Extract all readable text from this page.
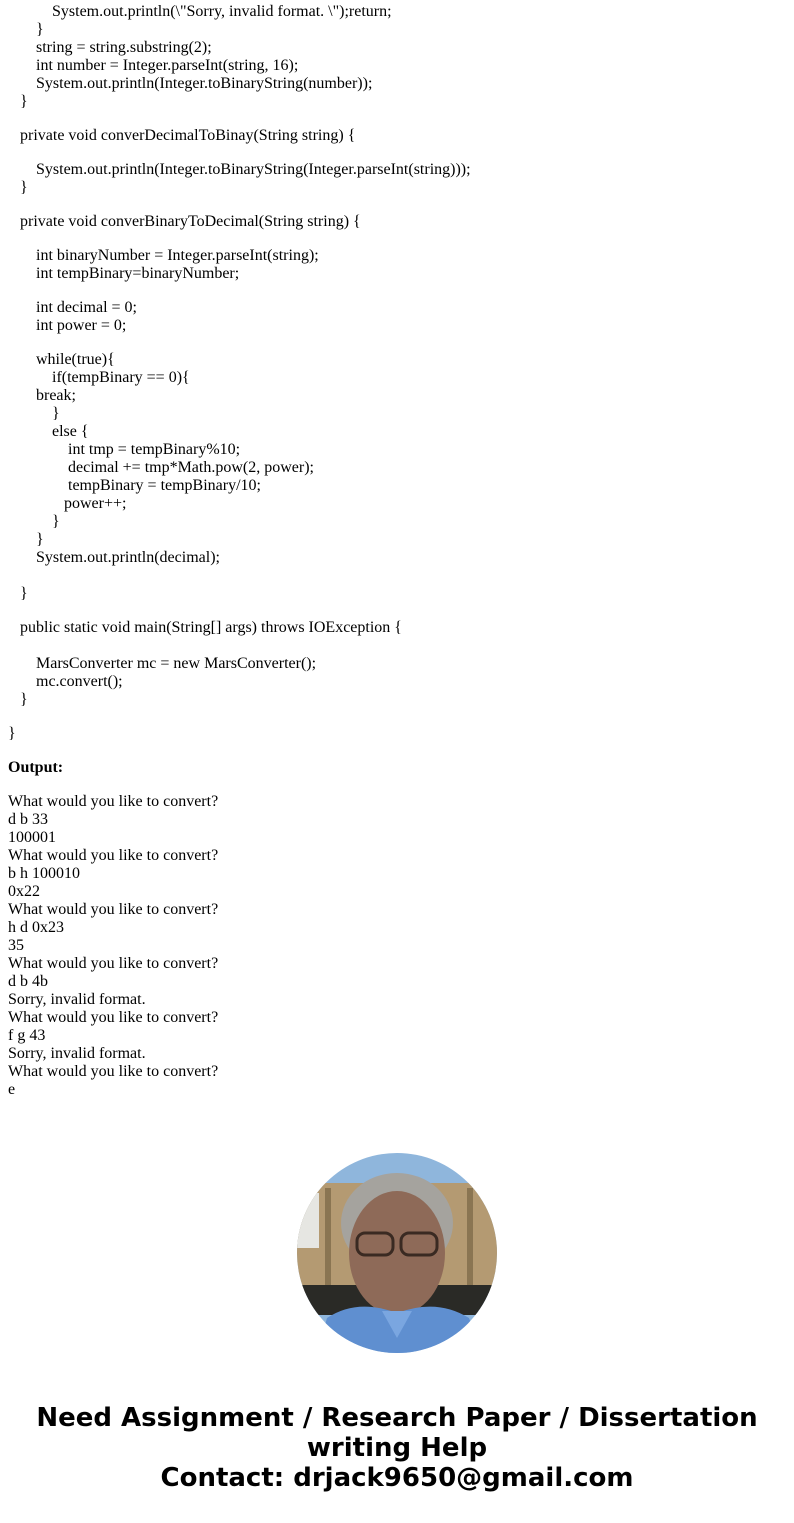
System.out.println(\"Sorry, invalid format. \");return;
}
string = string.substring(2);
int number = Integer.parseInt(string, 16);
System.out.println(Integer.toBinaryString(number));
}
private void converDecimalToBinay(String string) {
System.out.println(Integer.toBinaryString(Integer.parseInt(string)));
}
private void converBinaryToDecimal(String string) {
int binaryNumber = Integer.parseInt(string);
int tempBinary=binaryNumber;
int decimal = 0;
int power = 0;
while(true){
if(tempBinary == 0){
break;
}
else {
int tmp = tempBinary%10;
decimal += tmp*Math.pow(2, power);
tempBinary = tempBinary/10;
power++;
}
}
System.out.println(decimal);
}
public static void main(String[] args) throws IOException {
MarsConverter mc = new MarsConverter();
mc.convert();
}
}
Output:
What would you like to convert?
d b 33
100001
What would you like to convert?
b h 100010
0x22
What would you like to convert?
h d 0x23
35
What would you like to convert?
d b 4b
Sorry, invalid format.
What would you like to convert?
f g 43
Sorry, invalid format.
What would you like to convert?
e
Need Assignment / Research Paper / Dissertation
writing Help
Contact: drjack9650@gmail.com
